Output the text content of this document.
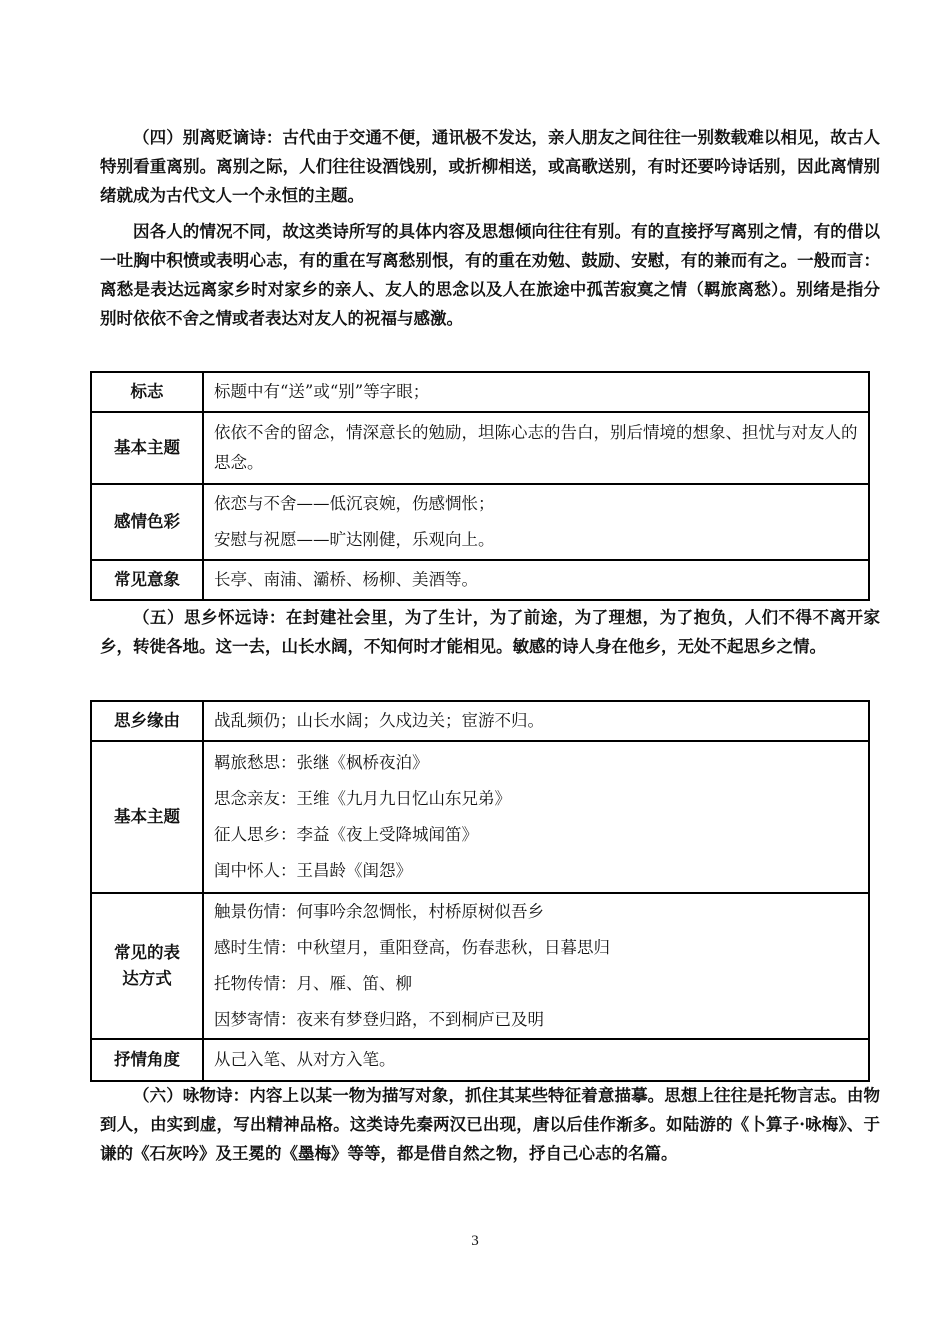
（四）别离贬谪诗：古代由于交通不便，通讯极不发达，亲人朋友之间往往一别数载难以相见，故古人特别看重离别。离别之际，人们往往设酒饯别，或折柳相送，或高歌送别，有时还要吟诗话别，因此离情别绪就成为古代文人一个永恒的主题。

因各人的情况不同，故这类诗所写的具体内容及思想倾向往往有别。有的直接抒写离别之情，有的借以一吐胸中积愤或表明心志，有的重在写离愁别恨，有的重在劝勉、鼓励、安慰，有的兼而有之。一般而言：离愁是表达远离家乡时对家乡的亲人、友人的思念以及人在旅途中孤苦寂寞之情（羁旅离愁）。别绪是指分别时依依不舍之情或者表达对友人的祝福与感激。

标志	标题中有“送”或“别”等字眼；
基本主题	依依不舍的留念，情深意长的勉励，坦陈心志的告白，别后情境的想象、担忧与对友人的思念。
感情色彩	依恋与不舍——低沉哀婉，伤感惆怅；
安慰与祝愿——旷达刚健，乐观向上。

常见意象	长亭、南浦、灞桥、杨柳、美酒等。

（五）思乡怀远诗：在封建社会里，为了生计，为了前途，为了理想，为了抱负，人们不得不离开家乡，转徙各地。这一去，山长水阔，不知何时才能相见。敏感的诗人身在他乡，无处不起思乡之情。

思乡缘由	战乱频仍；山长水阔；久戍边关；宦游不归。
基本主题	羁旅愁思：张继《枫桥夜泊》
思念亲友：王维《九月九日忆山东兄弟》
征人思乡：李益《夜上受降城闻笛》
闺中怀人：王昌龄《闺怨》

常见的表达方式	触景伤情：何事吟余忽惆怅，村桥原树似吾乡
感时生情：中秋望月，重阳登高，伤春悲秋，日暮思归
托物传情：月、雁、笛、柳
因梦寄情：夜来有梦登归路，不到桐庐已及明

抒情角度	从己入笔、从对方入笔。

（六）咏物诗：内容上以某一物为描写对象，抓住其某些特征着意描摹。思想上往往是托物言志。由物到人，由实到虚，写出精神品格。这类诗先秦两汉已出现，唐以后佳作渐多。如陆游的《卜算子·咏梅》、于谦的《石灰吟》及王冕的《墨梅》等等，都是借自然之物，抒自己心志的名篇。

3
